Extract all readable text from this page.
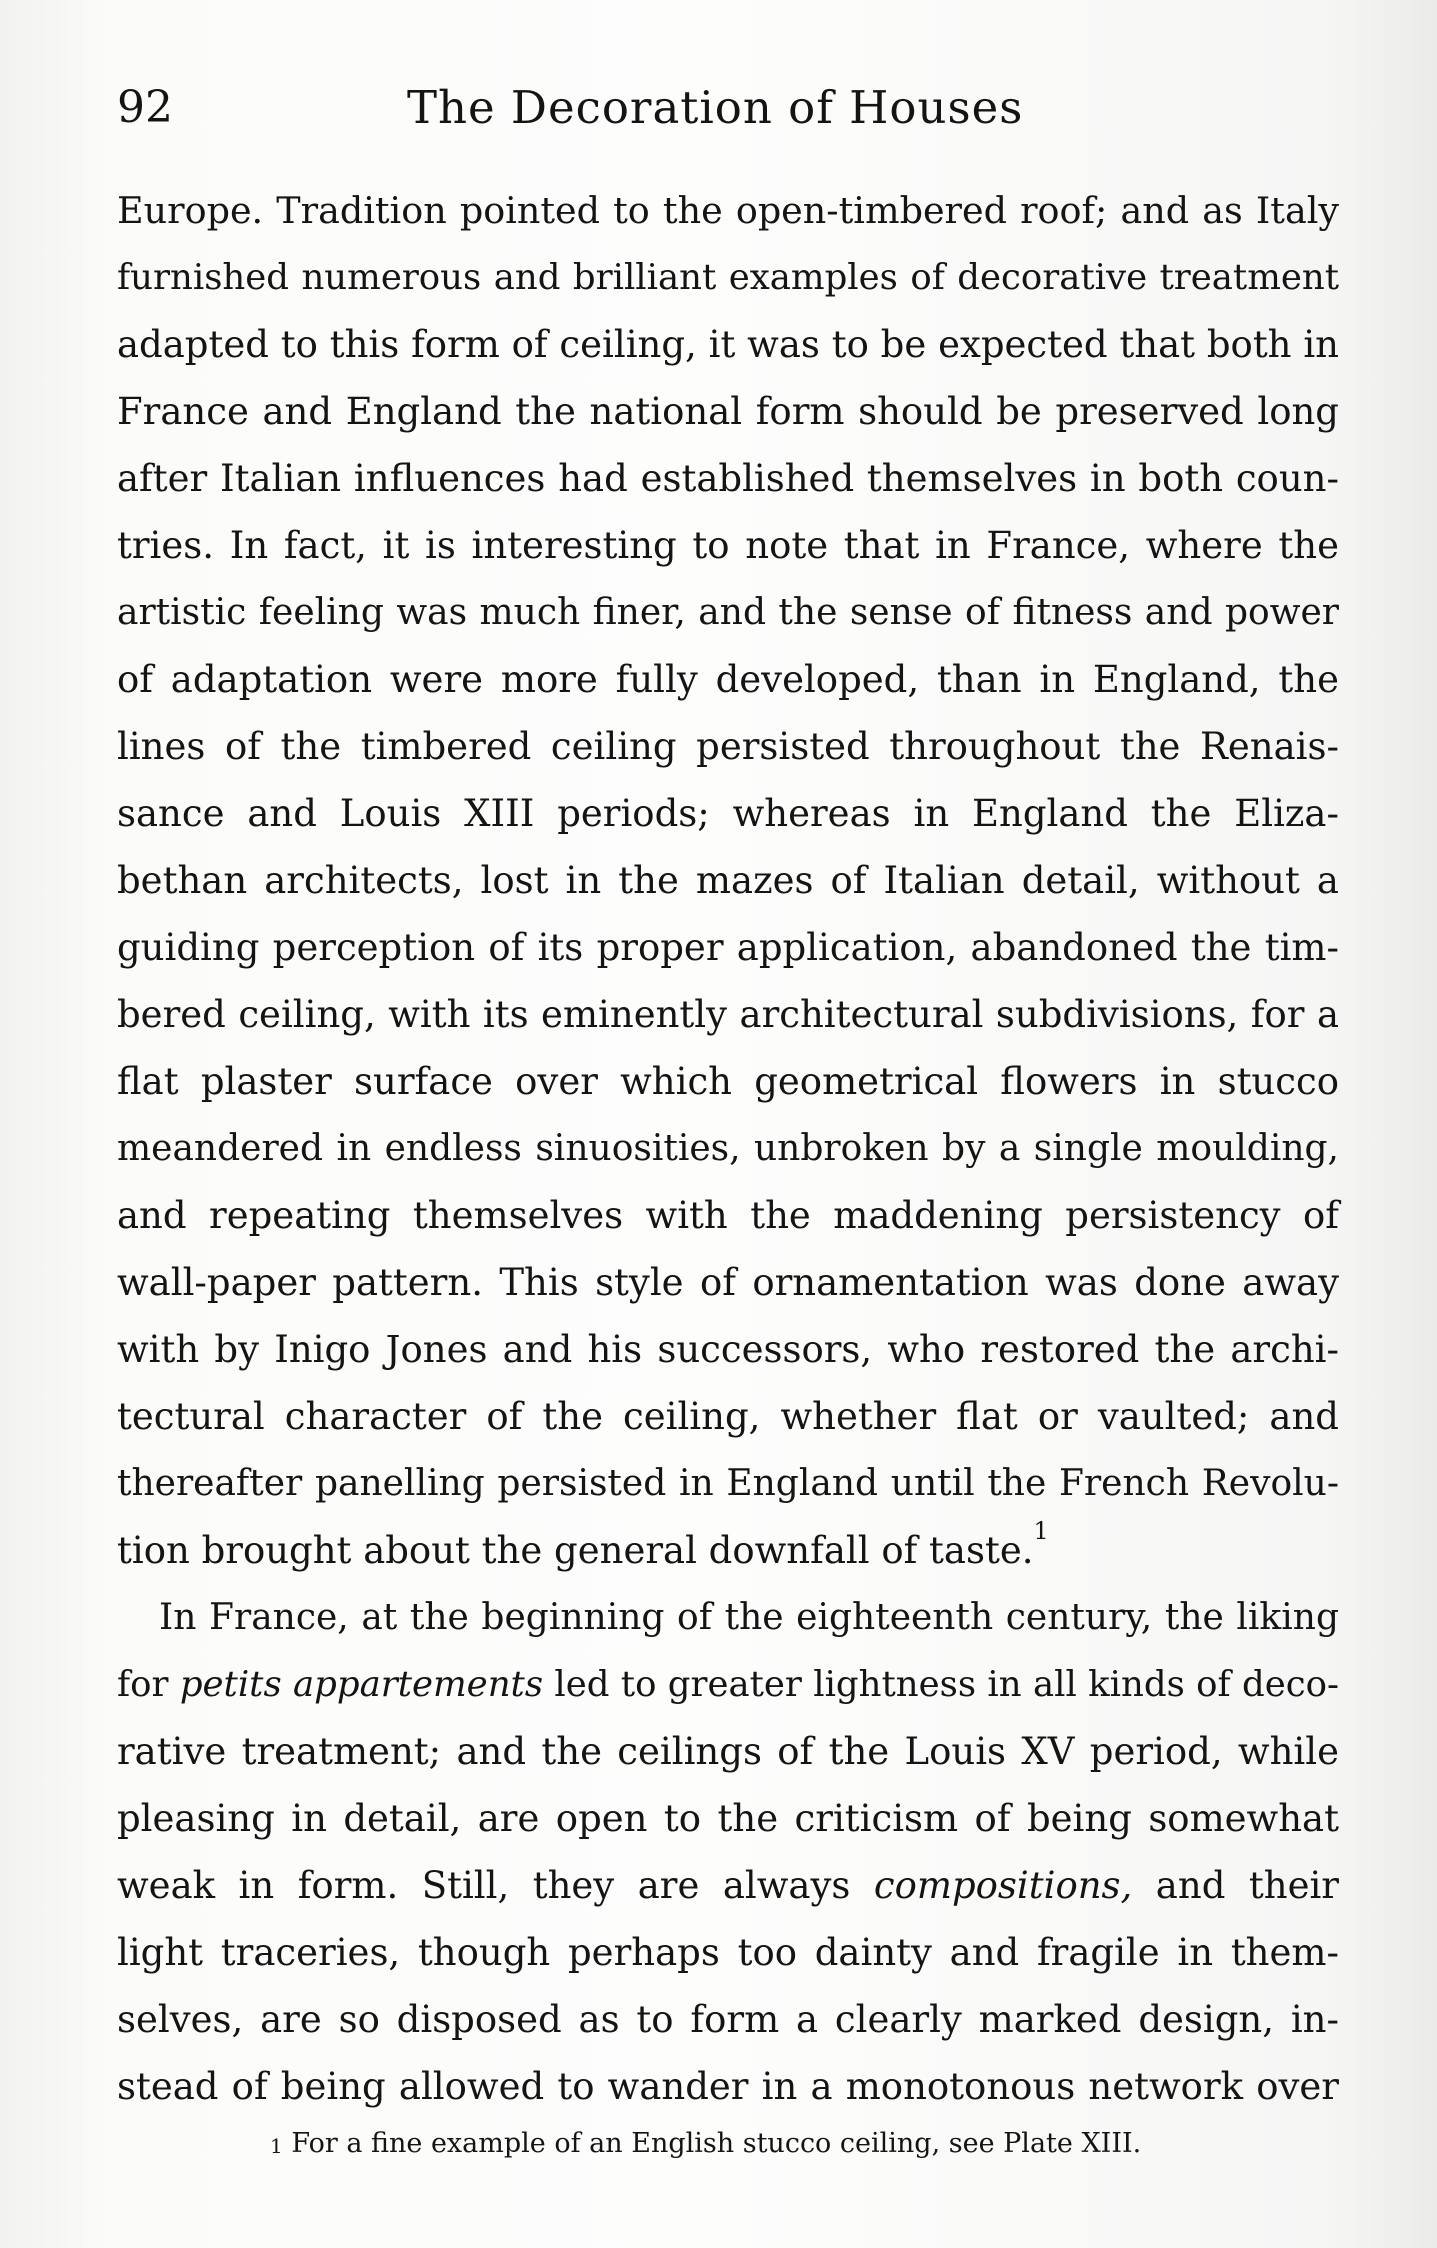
92	The Decoration of Houses
Europe. Tradition pointed to the open-timbered roof; and as Italy
furnished numerous and brilliant examples of decorative treatment
adapted to this form of ceiling, it was to be expected that both in
France and England the national form should be preserved long
after Italian influences had established themselves in both coun-
tries. In fact, it is interesting to note that in France, where the
artistic feeling was much finer, and the sense of fitness and power
of adaptation were more fully developed, than in England, the
lines of the timbered ceiling persisted throughout the Renais-
sance and Louis XIII periods; whereas in England the Eliza-
bethan architects, lost in the mazes of Italian detail, without a
guiding perception of its proper application, abandoned the tim-
bered ceiling, with its eminently architectural subdivisions, for a
flat plaster surface over which geometrical flowers in stucco
meandered in endless sinuosities, unbroken by a single moulding,
and repeating themselves with the maddening persistency of
wall-paper pattern. This style of ornamentation was done away
with by Inigo Jones and his successors, who restored the archi-
tectural character of the ceiling, whether flat or vaulted; and
thereafter panelling persisted in England until the French Revolu-
tion brought about the general downfall of taste.$^1$
In France, at the beginning of the eighteenth century, the liking
for petits appartements led to greater lightness in all kinds of deco-
rative treatment; and the ceilings of the Louis XV period, while
pleasing in detail, are open to the criticism of being somewhat
weak in form. Still, they are always compositions, and their
light traceries, though perhaps too dainty and fragile in them-
selves, are so disposed as to form a clearly marked design, in-
stead of being allowed to wander in a monotonous network over
$^1$ For a fine example of an English stucco ceiling, see Plate XIII.
